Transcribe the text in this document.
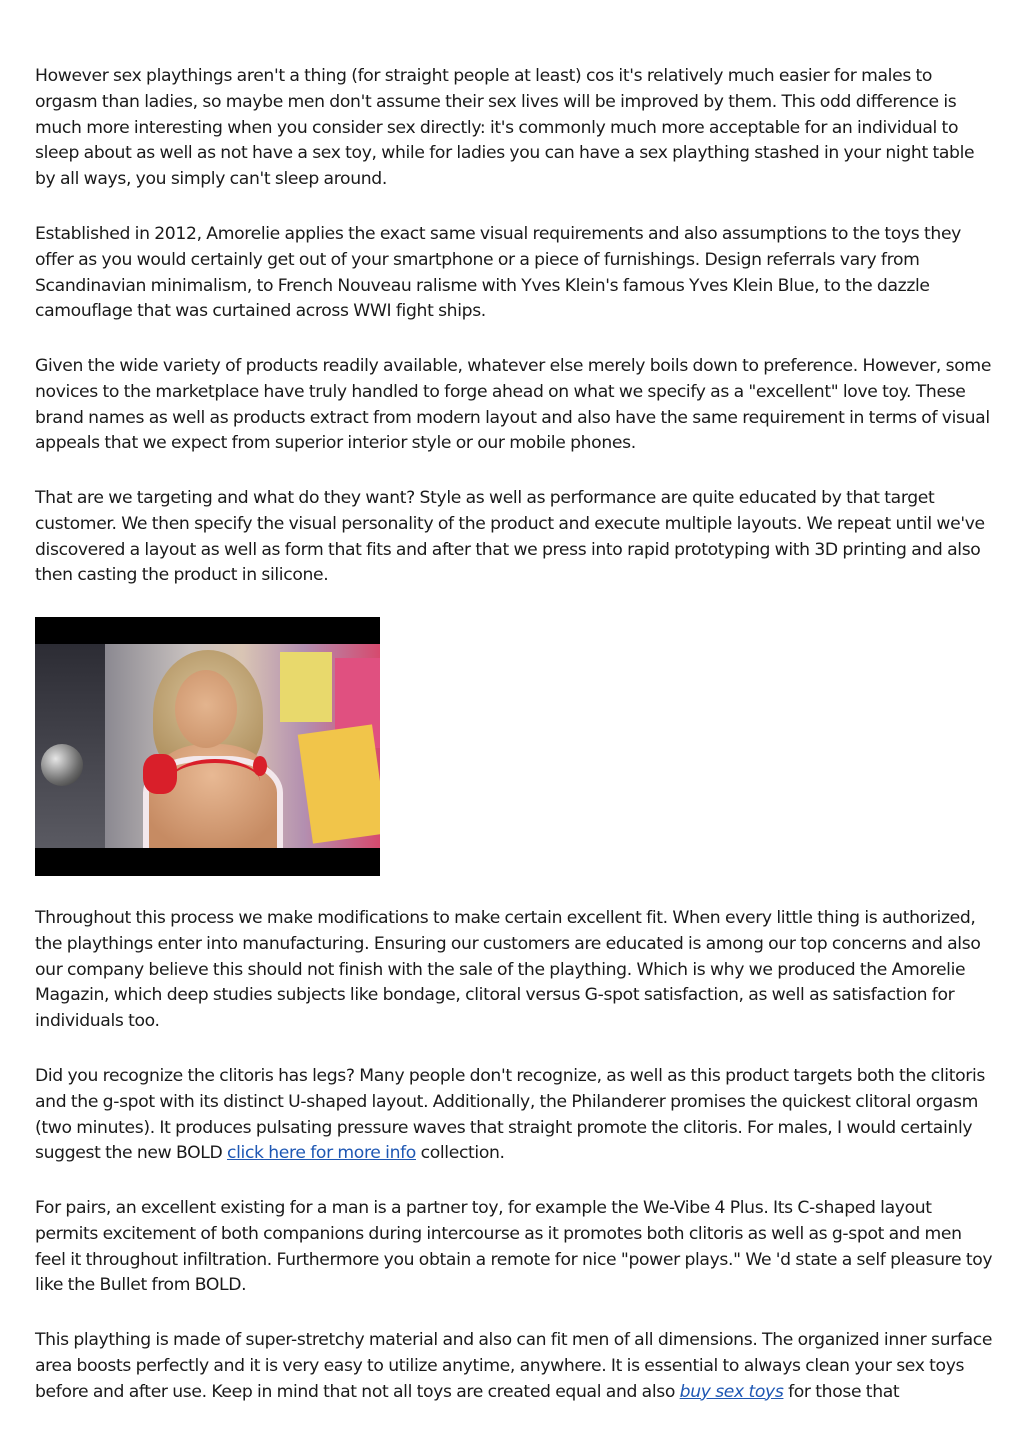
However sex playthings aren't a thing (for straight people at least) cos it's relatively much easier for males to orgasm than ladies, so maybe men don't assume their sex lives will be improved by them. This odd difference is much more interesting when you consider sex directly: it's commonly much more acceptable for an individual to sleep about as well as not have a sex toy, while for ladies you can have a sex plaything stashed in your night table by all ways, you simply can't sleep around.

Established in 2012, Amorelie applies the exact same visual requirements and also assumptions to the toys they offer as you would certainly get out of your smartphone or a piece of furnishings. Design referrals vary from Scandinavian minimalism, to French Nouveau ralisme with Yves Klein's famous Yves Klein Blue, to the dazzle camouflage that was curtained across WWI fight ships.

Given the wide variety of products readily available, whatever else merely boils down to preference. However, some novices to the marketplace have truly handled to forge ahead on what we specify as a "excellent" love toy. These brand names as well as products extract from modern layout and also have the same requirement in terms of visual appeals that we expect from superior interior style or our mobile phones.

That are we targeting and what do they want? Style as well as performance are quite educated by that target customer. We then specify the visual personality of the product and execute multiple layouts. We repeat until we've discovered a layout as well as form that fits and after that we press into rapid prototyping with 3D printing and also then casting the product in silicone.

Throughout this process we make modifications to make certain excellent fit. When every little thing is authorized, the playthings enter into manufacturing. Ensuring our customers are educated is among our top concerns and also our company believe this should not finish with the sale of the plaything. Which is why we produced the Amorelie Magazin, which deep studies subjects like bondage, clitoral versus G-spot satisfaction, as well as satisfaction for individuals too.

Did you recognize the clitoris has legs? Many people don't recognize, as well as this product targets both the clitoris and the g-spot with its distinct U-shaped layout. Additionally, the Philanderer promises the quickest clitoral orgasm (two minutes). It produces pulsating pressure waves that straight promote the clitoris. For males, I would certainly suggest the new BOLD click here for more info collection.

For pairs, an excellent existing for a man is a partner toy, for example the We-Vibe 4 Plus. Its C-shaped layout permits excitement of both companions during intercourse as it promotes both clitoris as well as g-spot and men feel it throughout infiltration. Furthermore you obtain a remote for nice "power plays." We 'd state a self pleasure toy like the Bullet from BOLD.

This plaything is made of super-stretchy material and also can fit men of all dimensions. The organized inner surface area boosts perfectly and it is very easy to utilize anytime, anywhere. It is essential to always clean your sex toys before and after use. Keep in mind that not all toys are created equal and also buy sex toys for those that
